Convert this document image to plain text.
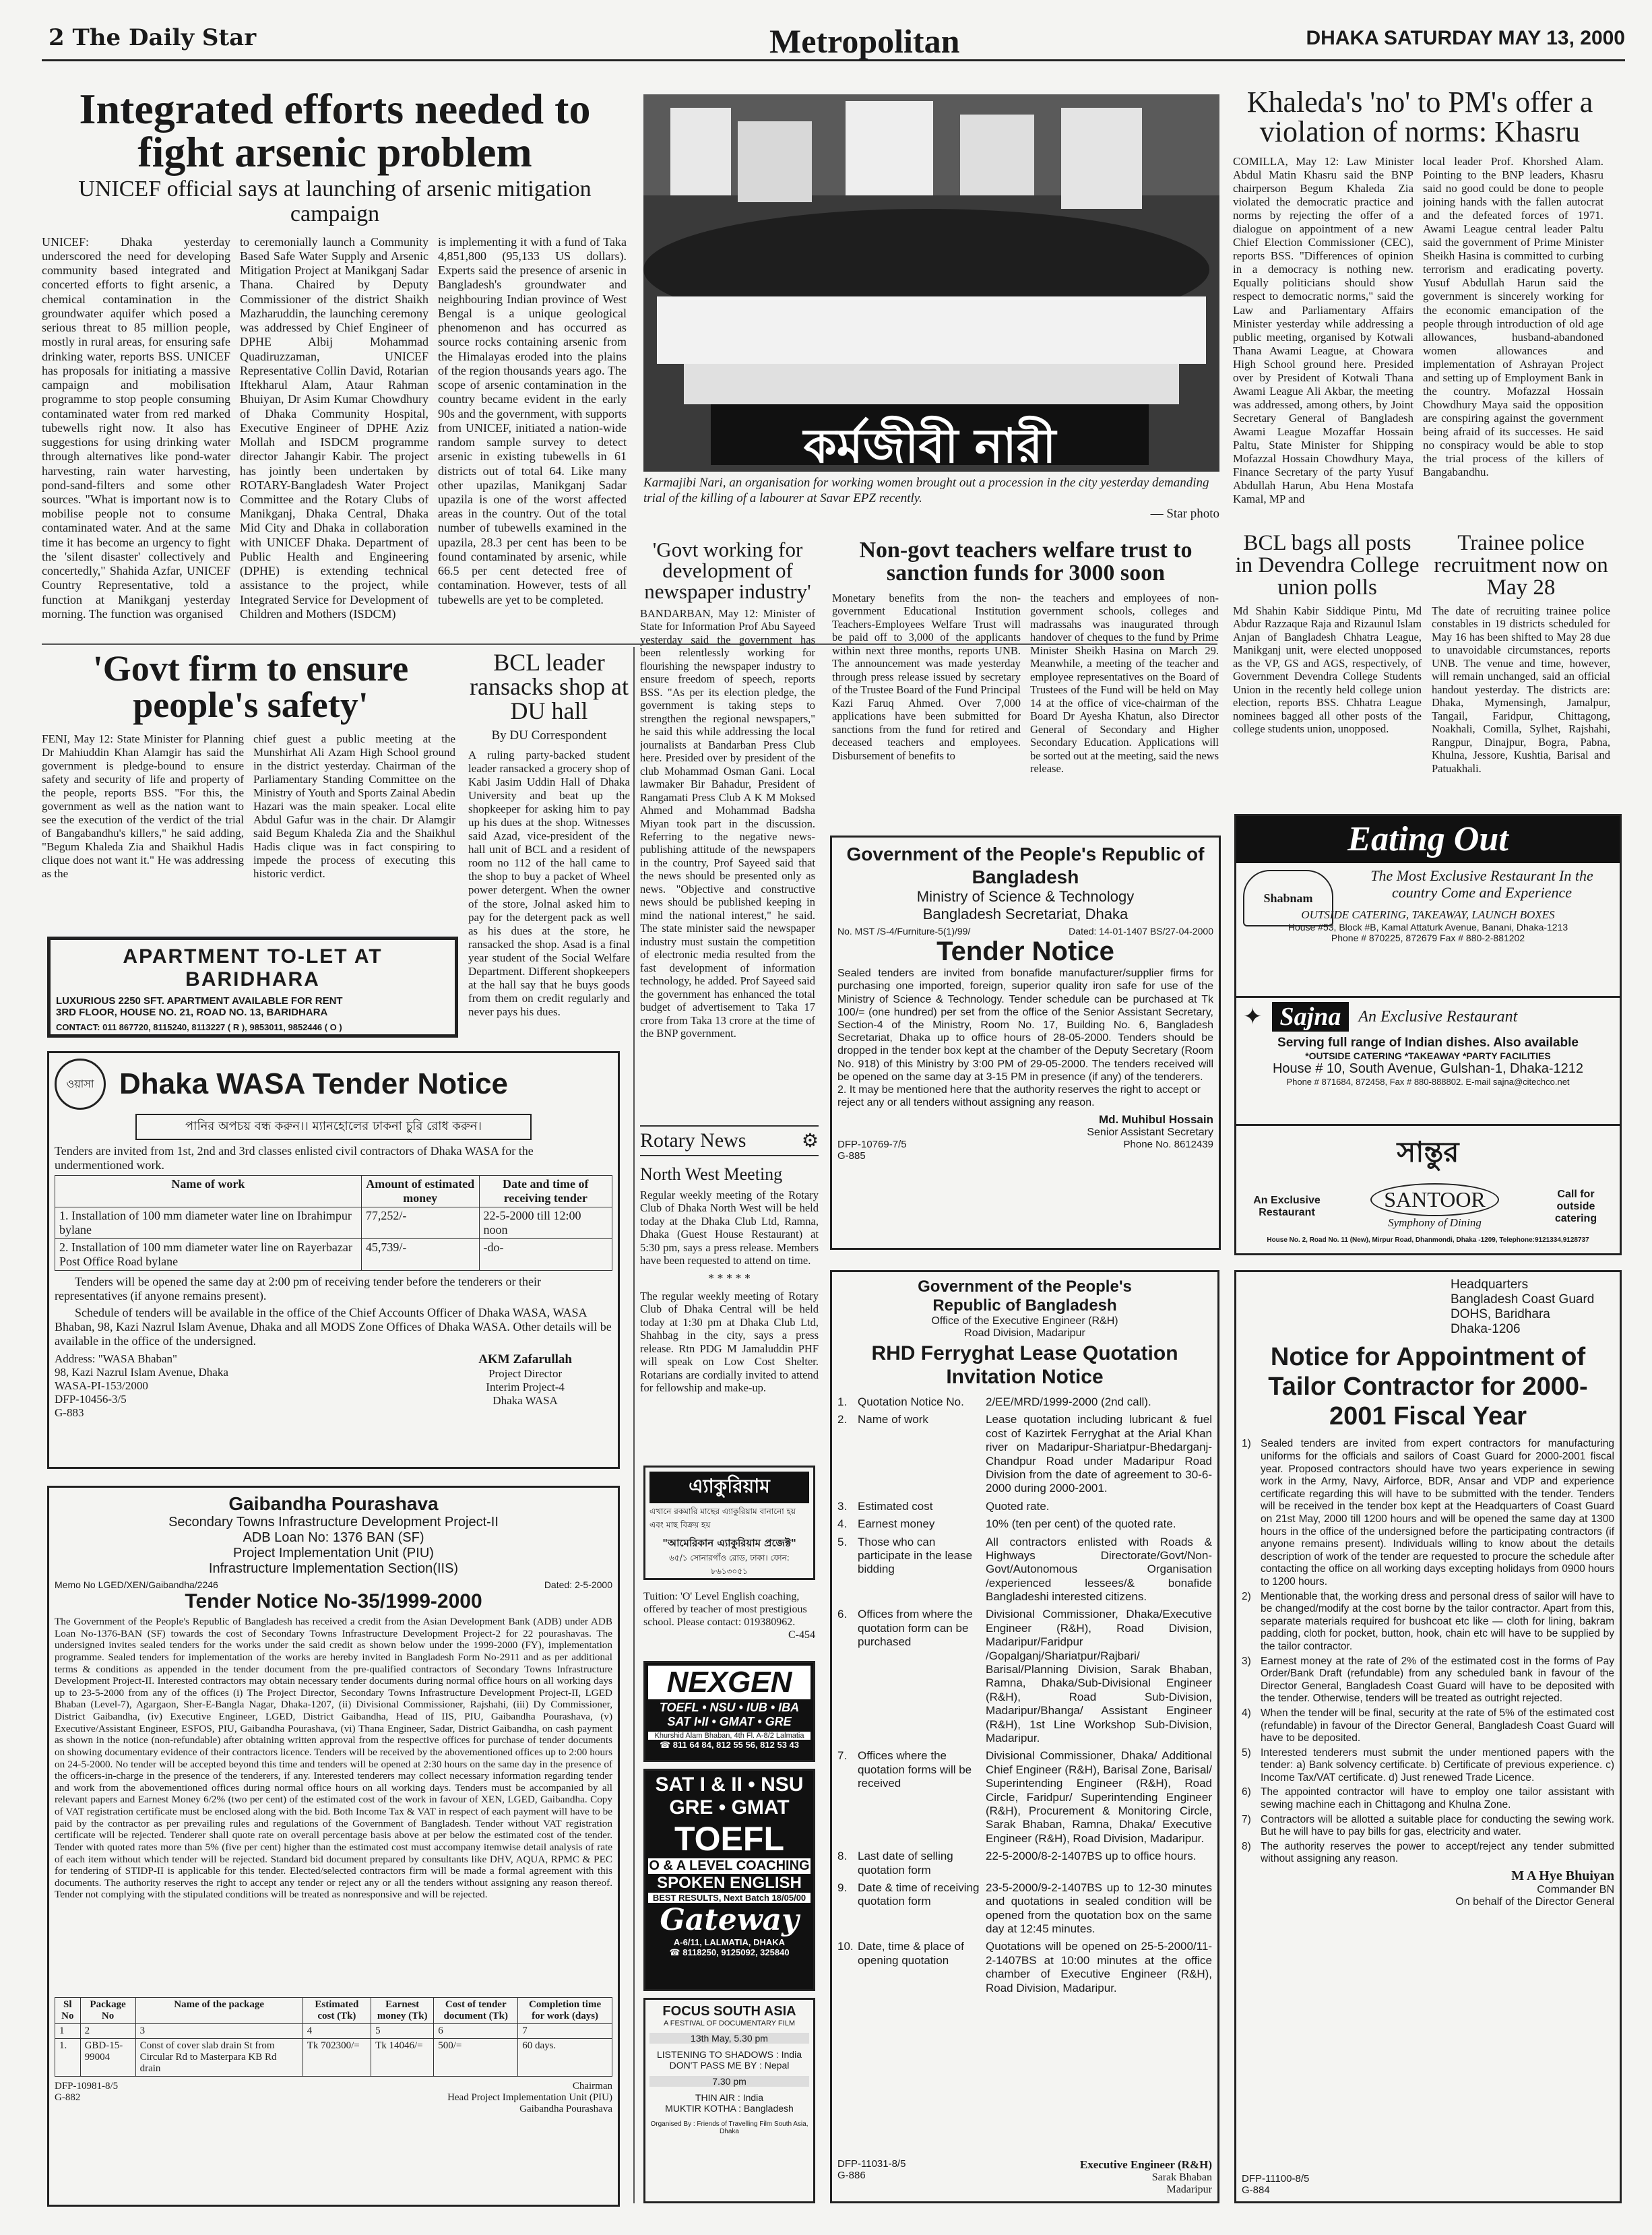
2 The Daily Star	Metropolitan	DHAKA SATURDAY MAY 13, 2000
Integrated efforts needed to fight arsenic problem
UNICEF official says at launching of arsenic mitigation campaign
UNICEF: Dhaka yesterday underscored the need for developing community based integrated and concerted efforts to fight arsenic, a chemical contamination in the groundwater aquifer which posed a serious threat to 85 million people, mostly in rural areas, for ensuring safe drinking water, reports BSS. UNICEF has proposals for initiating a massive campaign and mobilisation programme to stop people consuming contaminated water from red marked tubewells right now. It also has suggestions for using drinking water through alternatives like pond-water harvesting, rain water harvesting, pond-sand-filters and some other sources. "What is important now is to mobilise people not to consume contaminated water. And at the same time it has become an urgency to fight the 'silent disaster' collectively and concertedly," Shahida Azfar, UNICEF Country Representative, told a function at Manikganj yesterday morning. The function was organised
to ceremonially launch a Community Based Safe Water Supply and Arsenic Mitigation Project at Manikganj Sadar Thana. Chaired by Deputy Commissioner of the district Shaikh Mazharuddin, the launching ceremony was addressed by Chief Engineer of DPHE Albij Mohammad Quadiruzzaman, UNICEF Representative Collin David, Rotarian Iftekharul Alam, Ataur Rahman Bhuiyan, Dr Asim Kumar Chowdhury of Dhaka Community Hospital, Executive Engineer of DPHE Aziz Mollah and ISDCM programme director Jahangir Kabir. The project has jointly been undertaken by ROTARY-Bangladesh Water Project Committee and the Rotary Clubs of Manikganj, Dhaka Central, Dhaka Mid City and Dhaka in collaboration with UNICEF Dhaka. Department of Public Health and Engineering (DPHE) is extending technical assistance to the project, while Integrated Service for Development of Children and Mothers (ISDCM)
is implementing it with a fund of Taka 4,851,800 (95,133 US dollars). Experts said the presence of arsenic in Bangladesh's groundwater and neighbouring Indian province of West Bengal is a unique geological phenomenon and has occurred as source rocks containing arsenic from the Himalayas eroded into the plains of the region thousands years ago. The scope of arsenic contamination in the country became evident in the early 90s and the government, with supports from UNICEF, initiated a nation-wide random sample survey to detect arsenic in existing tubewells in 61 districts out of total 64. Like many other upazilas, Manikganj Sadar upazila is one of the worst affected areas in the country. Out of the total number of tubewells examined in the upazila, 28.3 per cent has been to be found contaminated by arsenic, while 66.5 per cent detected free of contamination. However, tests of all tubewells are yet to be completed.
কর্মজীবী নারী
Karmajibi Nari, an organisation for working women brought out a procession in the city yesterday demanding trial of the killing of a labourer at Savar EPZ recently.
— Star photo
Khaleda's 'no' to PM's offer a violation of norms: Khasru
COMILLA, May 12: Law Minister Abdul Matin Khasru said the BNP chairperson Begum Khaleda Zia violated the democratic practice and norms by rejecting the offer of a dialogue on appointment of a new Chief Election Commissioner (CEC), reports BSS. "Differences of opinion in a democracy is nothing new. Equally politicians should show respect to democratic norms," said the Law and Parliamentary Affairs Minister yesterday while addressing a public meeting, organised by Kotwali Thana Awami League, at Chowara High School ground here. Presided over by President of Kotwali Thana Awami League Ali Akbar, the meeting was addressed, among others, by Joint Secretary General of Bangladesh Awami League Mozaffar Hossain Paltu, State Minister for Shipping Mofazzal Hossain Chowdhury Maya, Finance Secretary of the party Yusuf Abdullah Harun, Abu Hena Mostafa Kamal, MP and
local leader Prof. Khorshed Alam. Pointing to the BNP leaders, Khasru said no good could be done to people joining hands with the fallen autocrat and the defeated forces of 1971. Awami League central leader Paltu said the government of Prime Minister Sheikh Hasina is committed to curbing terrorism and eradicating poverty. Yusuf Abdullah Harun said the government is sincerely working for the economic emancipation of the people through introduction of old age allowances, husband-abandoned women allowances and implementation of Ashrayan Project and setting up of Employment Bank in the country. Mofazzal Hossain Chowdhury Maya said the opposition are conspiring against the government being afraid of its successes. He said no conspiracy would be able to stop the trial process of the killers of Bangabandhu.
'Govt firm to ensure people's safety'
FENI, May 12: State Minister for Planning Dr Mahiuddin Khan Alamgir has said the government is pledge-bound to ensure safety and security of life and property of the people, reports BSS. "For this, the government as well as the nation want to see the execution of the verdict of the trial of Bangabandhu's killers," he said adding, "Begum Khaleda Zia and Shaikhul Hadis clique does not want it." He was addressing as the
chief guest a public meeting at the Munshirhat Ali Azam High School ground in the district yesterday. Chairman of the Parliamentary Standing Committee on the Ministry of Youth and Sports Zainal Abedin Hazari was the main speaker. Local elite Abdul Gafur was in the chair. Dr Alamgir said Begum Khaleda Zia and the Shaikhul Hadis clique was in fact conspiring to impede the process of executing this historic verdict.
BCL leader ransacks shop at DU hall
By DU Correspondent
A ruling party-backed student leader ransacked a grocery shop of Kabi Jasim Uddin Hall of Dhaka University and beat up the shopkeeper for asking him to pay up his dues at the shop. Witnesses said Azad, vice-president of the hall unit of BCL and a resident of room no 112 of the hall came to the shop to buy a packet of Wheel power detergent. When the owner of the store, Jolnal asked him to pay for the detergent pack as well as his dues at the store, he ransacked the shop. Asad is a final year student of the Social Welfare Department. Different shopkeepers at the hall say that he buys goods from them on credit regularly and never pays his dues.
APARTMENT TO-LET AT BARIDHARA
LUXURIOUS 2250 SFT. APARTMENT AVAILABLE FOR RENT
3RD FLOOR, HOUSE NO. 21, ROAD NO. 13, BARIDHARA
CONTACT: 011 867720, 8115240, 8113227 ( R ), 9853011, 9852446 ( O )
ওয়াসা Dhaka WASA Tender Notice
পানির অপচয় বন্ধ করুন।। ম্যানহোলের ঢাকনা চুরি রোধ করুন।
Tenders are invited from 1st, 2nd and 3rd classes enlisted civil contractors of Dhaka WASA for the undermentioned work.
Name of work	Amount of estimated money	Date and time of receiving tender
1. Installation of 100 mm diameter water line on Ibrahimpur bylane	77,252/-	22-5-2000 till 12:00 noon
2. Installation of 100 mm diameter water line on Rayerbazar Post Office Road bylane	45,739/-	-do-
Tenders will be opened the same day at 2:00 pm of receiving tender before the tenderers or their representatives (if anyone remains present).
Schedule of tenders will be available in the office of the Chief Accounts Officer of Dhaka WASA, WASA Bhaban, 98, Kazi Nazrul Islam Avenue, Dhaka and all MODS Zone Offices of Dhaka WASA. Other details will be available in the office of the undersigned.
Address: "WASA Bhaban"
98, Kazi Nazrul Islam Avenue, Dhaka
WASA-PI-153/2000
DFP-10456-3/5
G-883
AKM Zafarullah
Project Director
Interim Project-4
Dhaka WASA
Gaibandha Pourashava
Secondary Towns Infrastructure Development Project-II
ADB Loan No: 1376 BAN (SF)
Project Implementation Unit (PIU)
Infrastructure Implementation Section(IIS)
Memo No LGED/XEN/Gaibandha/2246	Dated: 2-5-2000
Tender Notice No-35/1999-2000
The Government of the People's Republic of Bangladesh has received a credit from the Asian Development Bank (ADB) under ADB Loan No-1376-BAN (SF) towards the cost of Secondary Towns Infrastructure Development Project-2 for 22 pourashavas. The undersigned invites sealed tenders for the works under the said credit as shown below under the 1999-2000 (FY), implementation programme. Sealed tenders for implementation of the works are hereby invited in Bangladesh Form No-2911 and as per additional terms & conditions as appended in the tender document from the pre-qualified contractors of Secondary Towns Infrastructure Development Project-II. Interested contractors may obtain necessary tender documents during normal office hours on all working days up to 23-5-2000 from any of the offices (i) The Project Director, Secondary Towns Infrastructure Development Project-II, LGED Bhaban (Level-7), Agargaon, Sher-E-Bangla Nagar, Dhaka-1207, (ii) Divisional Commissioner, Rajshahi, (iii) Dy Commissioner, District Gaibandha, (iv) Executive Engineer, LGED, District Gaibandha, Head of IIS, PIU, Gaibandha Pourashava, (v) Executive/Assistant Engineer, ESFOS, PIU, Gaibandha Pourashava, (vi) Thana Engineer, Sadar, District Gaibandha, on cash payment as shown in the notice (non-refundable) after obtaining written approval from the respective offices for purchase of tender documents on showing documentary evidence of their contractors licence. Tenders will be received by the abovementioned offices up to 2:00 hours on 24-5-2000. No tender will be accepted beyond this time and tenders will be opened at 2:30 hours on the same day in the presence of the officers-in-charge in the presence of the tenderers, if any. Interested tenderers may collect necessary information regarding tender and work from the abovementioned offices during normal office hours on all working days. Tenders must be accompanied by all relevant papers and Earnest Money 6/2% (two per cent) of the estimated cost of the work in favour of XEN, LGED, Gaibandha. Copy of VAT registration certificate must be enclosed along with the bid. Both Income Tax & VAT in respect of each payment will have to be paid by the contractor as per prevailing rules and regulations of the Government of Bangladesh. Tender without VAT registration certificate will be rejected. Tenderer shall quote rate on overall percentage basis above at per below the estimated cost of the tender. Tender with quoted rates more than 5% (five per cent) higher than the estimated cost must accompany itemwise detail analysis of rate of each item without which tender will be rejected. Standard bid document prepared by consultants like DHV, AQUA, RPMC & PEC for tendering of STIDP-II is applicable for this tender. Elected/selected contractors firm will be made a formal agreement with this documents. The authority reserves the right to accept any tender or reject any or all the tenders without assigning any reason thereof. Tender not complying with the stipulated conditions will be treated as nonresponsive and will be rejected.
Sl No	Package No	Name of the package	Estimated cost (Tk)	Earnest money (Tk)	Cost of tender document (Tk)	Completion time for work (days)
1	2	3	4	5	6	7
1.	GBD-15-99004	Const of cover slab drain St from Circular Rd to Masterpara KB Rd drain	Tk 702300/=	Tk 14046/=	500/=	60 days.
DFP-10981-8/5
G-882
Chairman
Head Project Implementation Unit (PIU)
Gaibandha Pourashava
'Govt working for development of newspaper industry'
BANDARBAN, May 12: Minister of State for Information Prof Abu Sayeed yesterday said the government has been relentlessly working for flourishing the newspaper industry to ensure freedom of speech, reports BSS. "As per its election pledge, the government is taking steps to strengthen the regional newspapers," he said this while addressing the local journalists at Bandarban Press Club here. Presided over by president of the club Mohammad Osman Gani. Local lawmaker Bir Bahadur, President of Rangamati Press Club A K M Moksed Ahmed and Mohammad Badsha Miyan took part in the discussion. Referring to the negative news-publishing attitude of the newspapers in the country, Prof Sayeed said that the news should be presented only as news. "Objective and constructive news should be published keeping in mind the national interest," he said. The state minister said the newspaper industry must sustain the competition of electronic media resulted from the fast development of information technology, he added. Prof Sayeed said the government has enhanced the total budget of advertisement to Taka 17 crore from Taka 13 crore at the time of the BNP government.
Non-govt teachers welfare trust to sanction funds for 3000 soon
Monetary benefits from the non-government Educational Institution Teachers-Employees Welfare Trust will be paid off to 3,000 of the applicants within next three months, reports UNB. The announcement was made yesterday through press release issued by secretary of the Trustee Board of the Fund Principal Kazi Faruq Ahmed. Over 7,000 applications have been submitted for sanctions from the fund for retired and deceased teachers and employees. Disbursement of benefits to
the teachers and employees of non-government schools, colleges and madrassahs was inaugurated through handover of cheques to the fund by Prime Minister Sheikh Hasina on March 29. Meanwhile, a meeting of the teacher and employee representatives on the Board of Trustees of the Fund will be held on May 14 at the office of vice-chairman of the Board Dr Ayesha Khatun, also Director General of Secondary and Higher Secondary Education. Applications will be sorted out at the meeting, said the news release.
BCL bags all posts in Devendra College union polls
Md Shahin Kabir Siddique Pintu, Md Abdur Razzaque Raja and Rizaunul Islam Anjan of Bangladesh Chhatra League, Manikganj unit, were elected unopposed as the VP, GS and AGS, respectively, of Government Devendra College Students Union in the recently held college union election, reports BSS. Chhatra League nominees bagged all other posts of the college students union, unopposed.
Trainee police recruitment now on May 28
The date of recruiting trainee police constables in 19 districts scheduled for May 16 has been shifted to May 28 due to unavoidable circumstances, reports UNB. The venue and time, however, will remain unchanged, said an official handout yesterday. The districts are: Dhaka, Mymensingh, Jamalpur, Tangail, Faridpur, Chittagong, Noakhali, Comilla, Sylhet, Rajshahi, Rangpur, Dinajpur, Bogra, Pabna, Khulna, Jessore, Kushtia, Barisal and Patuakhali.
Government of the People's Republic of Bangladesh
Ministry of Science & Technology
Bangladesh Secretariat, Dhaka
No. MST /S-4/Furniture-5(1)/99/	Dated: 14-01-1407 BS/27-04-2000
Tender Notice
Sealed tenders are invited from bonafide manufacturer/supplier firms for purchasing one imported, foreign, superior quality iron safe for use of the Ministry of Science & Technology. Tender schedule can be purchased at Tk 100/= (one hundred) per set from the office of the Senior Assistant Secretary, Section-4 of the Ministry, Room No. 17, Building No. 6, Bangladesh Secretariat, Dhaka up to office hours of 28-05-2000. Tenders should be dropped in the tender box kept at the chamber of the Deputy Secretary (Room No. 918) of this Ministry by 3:00 PM of 29-05-2000. The tenders received will be opened on the same day at 3-15 PM in presence (if any) of the tenderers.
2. It may be mentioned here that the authority reserves the right to accept or reject any or all tenders without assigning any reason.
Md. Muhibul Hossain
Senior Assistant Secretary
DFP-10769-7/5
G-885
Phone No. 8612439
Rotary News	⚙
North West Meeting
Regular weekly meeting of the Rotary Club of Dhaka North West will be held today at the Dhaka Club Ltd, Ramna, Dhaka (Guest House Restaurant) at 5:30 pm, says a press release. Members have been requested to attend on time.
* * * * *
The regular weekly meeting of Rotary Club of Dhaka Central will be held today at 1:30 pm at Dhaka Club Ltd, Shahbag in the city, says a press release. Rtn PDG M Jamaluddin PHF will speak on Low Cost Shelter. Rotarians are cordially invited to attend for fellowship and make-up.
এ্যাকুরিয়াম
এখানে রকমারি মাছের এ্যাকুরিয়াম বানানো হয় এবং মাছ বিক্রয় হয়
"আমেরিকান এ্যাকুরিয়াম প্রজেক্ট"
৬৫/১ সোনারগাঁও রোড, ঢাকা। ফোন: ৮৬১৩০৫১
Tuition: 'O' Level English coaching, offered by teacher of most prestigious school. Please contact: 019380962.
C-454
NEXGEN
TOEFL • NSU • IUB • IBA SAT I•II • GMAT • GRE
Khurshid Alam Bhaban, 4th Fl. A-8/2 Lalmatia
☎ 811 64 84, 812 55 56, 812 53 43
SAT I & II • NSU
GRE • GMAT
TOEFL
O & A LEVEL COACHING
SPOKEN ENGLISH
BEST RESULTS, Next Batch 18/05/00
Gateway
A-6/11, LALMATIA, DHAKA
☎ 8118250, 9125092, 325840
FOCUS SOUTH ASIA
A FESTIVAL OF DOCUMENTARY FILM
13th May, 5.30 pm
LISTENING TO SHADOWS : India
DON'T PASS ME BY : Nepal
7.30 pm
THIN AIR : India
MUKTIR KOTHA : Bangladesh
Organised By : Friends of Travelling Film South Asia, Dhaka
Eating Out
Shabnam
The Most Exclusive Restaurant In the country Come and Experience
OUTSIDE CATERING, TAKEAWAY, LAUNCH BOXES
House #53, Block #B, Kamal Attaturk Avenue, Banani, Dhaka-1213
Phone # 870225, 872679 Fax # 880-2-881202
✦ Sajna	An Exclusive Restaurant
Serving full range of Indian dishes. Also available
*OUTSIDE CATERING *TAKEAWAY *PARTY FACILITIES
House # 10, South Avenue, Gulshan-1, Dhaka-1212
Phone # 871684, 872458, Fax # 880-888802. E-mail sajna@citechco.net
সান্তুর
An Exclusive Restaurant
SANTOOR
Symphony of Dining
Call for outside catering
House No. 2, Road No. 11 (New), Mirpur Road, Dhanmondi, Dhaka -1209, Telephone:9121334,9128737
Government of the People's
Republic of Bangladesh
Office of the Executive Engineer (R&H)
Road Division, Madaripur
RHD Ferryghat Lease Quotation Invitation Notice
1. Quotation Notice No.	2/EE/MRD/1999-2000 (2nd call).
2. Name of work	Lease quotation including lubricant & fuel cost of Kazirtek Ferryghat at the Arial Khan river on Madaripur-Shariatpur-Bhedarganj-Chandpur Road under Madaripur Road Division from the date of agreement to 30-6-2000 during 2000-2001.
3. Estimated cost	Quoted rate.
4. Earnest money	10% (ten per cent) of the quoted rate.
5. Those who can participate in the lease bidding
All contractors enlisted with Roads & Highways Directorate/Govt/Non-Govt/Autonomous Organisation /experienced lessees/& bonafide Bangladeshi interested citizens.
6. Offices from where the quotation form can be purchased
Divisional Commissioner, Dhaka/Executive Engineer (R&H), Road Division, Madaripur/Faridpur /Gopalganj/Shariatpur/Rajbari/ Barisal/Planning Division, Sarak Bhaban, Ramna, Dhaka/Sub-Divisional Engineer (R&H), Road Sub-Division, Madaripur/Bhanga/ Assistant Engineer (R&H), 1st Line Workshop Sub-Division, Madaripur.
7. Offices where the quotation forms will be received
Divisional Commissioner, Dhaka/ Additional Chief Engineer (R&H), Barisal Zone, Barisal/ Superintending Engineer (R&H), Road Circle, Faridpur/ Superintending Engineer (R&H), Procurement & Monitoring Circle, Sarak Bhaban, Ramna, Dhaka/ Executive Engineer (R&H), Road Division, Madaripur.
8. Last date of selling quotation form
22-5-2000/8-2-1407BS up to office hours.
9. Date & time of receiving quotation form
23-5-2000/9-2-1407BS up to 12-30 minutes and quotations in sealed condition will be opened from the quotation box on the same day at 12:45 minutes.
10. Date, time & place of opening quotation
Quotations will be opened on 25-5-2000/11-2-1407BS at 10:00 minutes at the office chamber of Executive Engineer (R&H), Road Division, Madaripur.
DFP-11031-8/5
G-886
Executive Engineer (R&H)
Sarak Bhaban
Madaripur
Headquarters
Bangladesh Coast Guard
DOHS, Baridhara
Dhaka-1206
Notice for Appointment of Tailor Contractor for 2000-2001 Fiscal Year
1) Sealed tenders are invited from expert contractors for manufacturing uniforms for the officials and sailors of Coast Guard for 2000-2001 fiscal year. Proposed contractors should have two years experience in sewing work in the Army, Navy, Airforce, BDR, Ansar and VDP and experience certificate regarding this will have to be submitted with the tender. Tenders will be received in the tender box kept at the Headquarters of Coast Guard on 21st May, 2000 till 1200 hours and will be opened the same day at 1300 hours in the office of the undersigned before the participating contractors (if anyone remains present). Individuals willing to know about the details description of work of the tender are requested to procure the schedule after contacting the office on all working days excepting holidays from 0900 hours to 1200 hours.
2) Mentionable that, the working dress and personal dress of sailor will have to be changed/modify at the cost borne by the tailor contractor. Apart from this, separate materials required for bushcoat etc like — cloth for lining, bakram padding, cloth for pocket, button, hook, chain etc will have to be supplied by the tailor contractor.
3) Earnest money at the rate of 2% of the estimated cost in the forms of Pay Order/Bank Draft (refundable) from any scheduled bank in favour of the Director General, Bangladesh Coast Guard will have to be deposited with the tender. Otherwise, tenders will be treated as outright rejected.
4) When the tender will be final, security at the rate of 5% of the estimated cost (refundable) in favour of the Director General, Bangladesh Coast Guard will have to be deposited.
5) Interested tenderers must submit the under mentioned papers with the tender: a) Bank solvency certificate. b) Certificate of previous experience. c) Income Tax/VAT certificate. d) Just renewed Trade Licence.
6) The appointed contractor will have to employ one tailor assistant with sewing machine each in Chittagong and Khulna Zone.
7) Contractors will be allotted a suitable place for conducting the sewing work. But he will have to pay bills for gas, electricity and water.
8) The authority reserves the power to accept/reject any tender submitted without assigning any reason.
M A Hye Bhuiyan
Commander BN
On behalf of the Director General
DFP-11100-8/5
G-884
